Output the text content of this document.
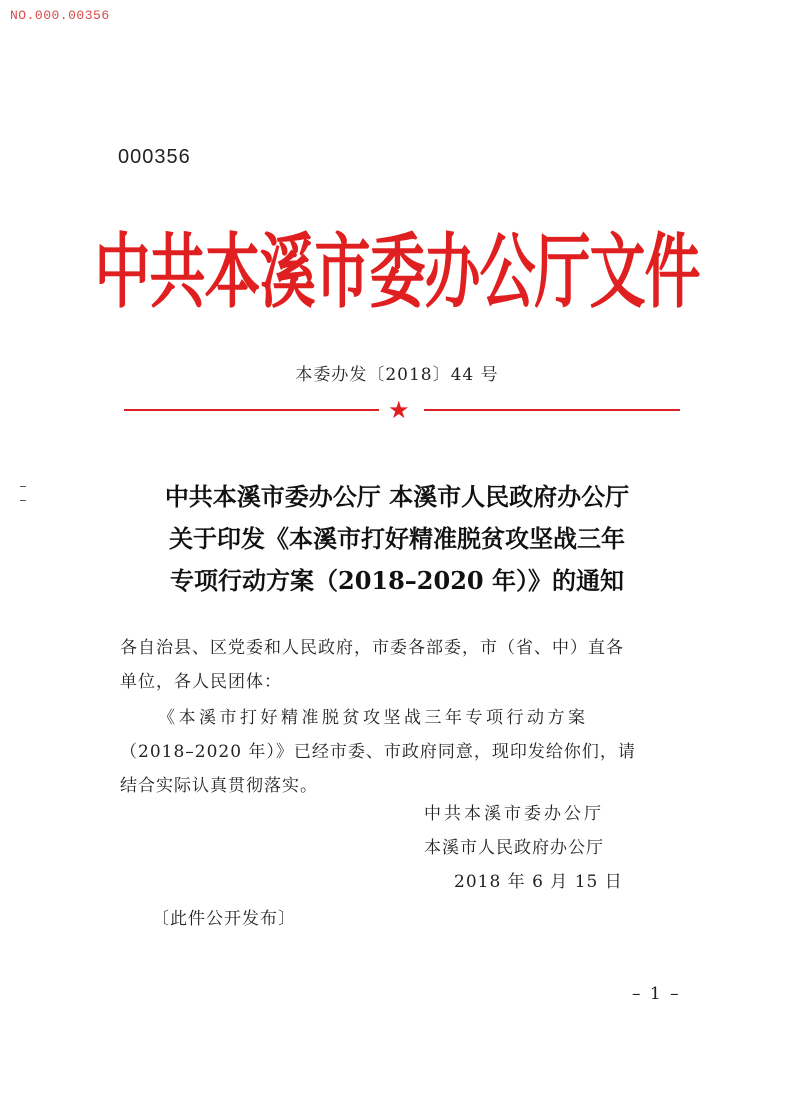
NO.000.00356
000356
中共本溪市委办公厅文件
本委办发〔2018〕44 号
★
中共本溪市委办公厅 本溪市人民政府办公厅
关于印发《本溪市打好精准脱贫攻坚战三年
专项行动方案（2018–2020 年）》的通知
各自治县、区党委和人民政府，市委各部委，市（省、中）直各
单位，各人民团体：
《本溪市打好精准脱贫攻坚战三年专项行动方案
（2018–2020 年）》已经市委、市政府同意，现印发给你们，请
结合实际认真贯彻落实。
中共本溪市委办公厅
本溪市人民政府办公厅
2018 年 6 月 15 日
〔此件公开发布〕
– 1 –
